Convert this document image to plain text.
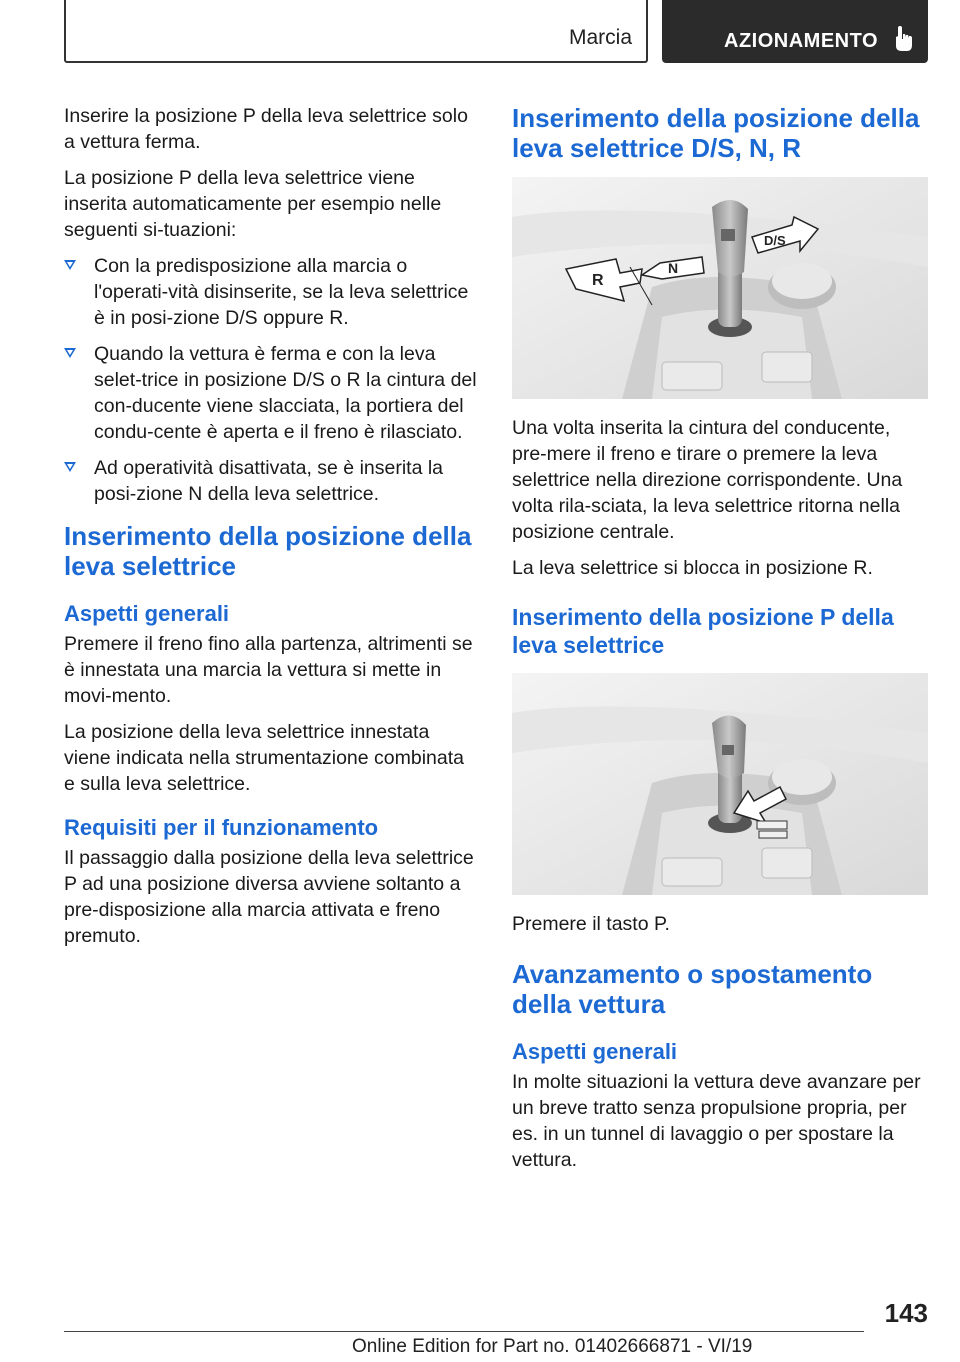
Marcia	AZIONAMENTO

Inserire la posizione P della leva selettrice solo a vettura ferma.

La posizione P della leva selettrice viene inserita automaticamente per esempio nelle seguenti si-tuazioni:

Con la predisposizione alla marcia o l'operati-vità disinserite, se la leva selettrice è in posi-zione D/S oppure R.
Quando la vettura è ferma e con la leva selet-trice in posizione D/S o R la cintura del con-ducente viene slacciata, la portiera del condu-cente è aperta e il freno è rilasciato.
Ad operatività disattivata, se è inserita la posi-zione N della leva selettrice.
Inserimento della posizione della leva selettrice
Aspetti generali

Premere il freno fino alla partenza, altrimenti se è innestata una marcia la vettura si mette in movi-mento.

La posizione della leva selettrice innestata viene indicata nella strumentazione combinata e sulla leva selettrice.

Requisiti per il funzionamento

Il passaggio dalla posizione della leva selettrice P ad una posizione diversa avviene soltanto a pre-disposizione alla marcia attivata e freno premuto.

Inserimento della posizione della leva selettrice D/S, N, R
R
N
D/S

Una volta inserita la cintura del conducente, pre-mere il freno e tirare o premere la leva selettrice nella direzione corrispondente. Una volta rila-sciata, la leva selettrice ritorna nella posizione centrale.

La leva selettrice si blocca in posizione R.

Inserimento della posizione P della leva selettrice

Premere il tasto P.

Avanzamento o spostamento della vettura
Aspetti generali

In molte situazioni la vettura deve avanzare per un breve tratto senza propulsione propria, per es. in un tunnel di lavaggio o per spostare la vettura.

143
Online Edition for Part no. 01402666871 - VI/19
